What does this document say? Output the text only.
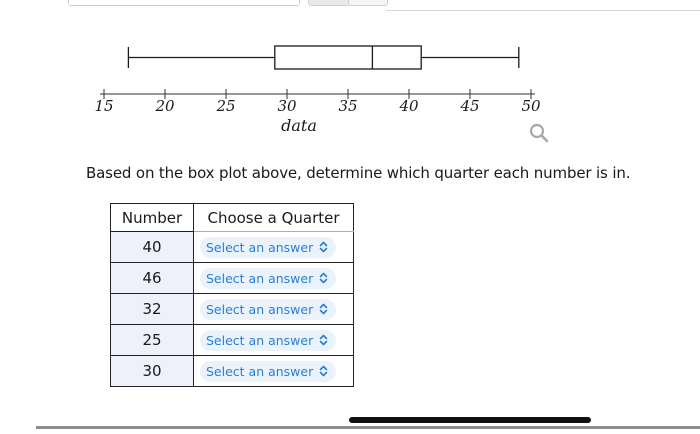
15	20	25	30	35	40	45	50
data
Based on the box plot above, determine which quarter each number is in.
Number	Choose a Quarter
40	Select an answer

46	Select an answer

32	Select an answer

25	Select an answer

30	Select an answer
